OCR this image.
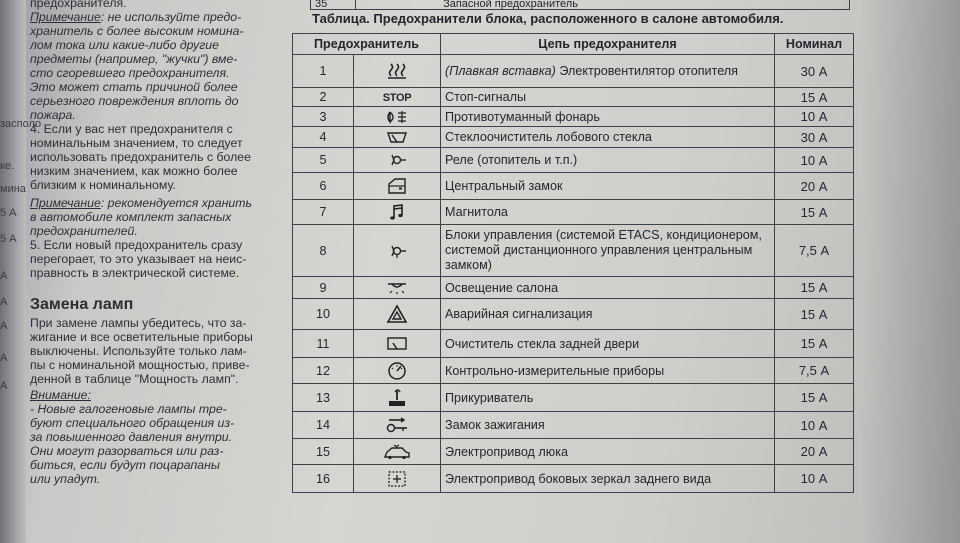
засполо
ке.
мина
5 А
5 А
А
А
А
А
А

предохранителя.

Примечание: не используйте предо-

хранитель с более высоким номина-

лом тока или какие-либо другие

предметы (например, "жучки") вме-

сто сгоревшего предохранителя.

Это может стать причиной более

серьезного повреждения вплоть до

пожара.

4. Если у вас нет предохранителя с

номинальным значением, то следует

использовать предохранитель с более

низким значением, как можно более

близким к номинальному.

Примечание: рекомендуется хранить

в автомобиле комплект запасных

предохранителей.

5. Если новый предохранитель сразу

перегорает, то это указывает на неис-

правность в электрической системе.

Замена ламп

При замене лампы убедитесь, что за-

жигание и все осветительные приборы

выключены. Используйте только лам-

пы с номинальной мощностью, приве-

денной в таблице "Мощность ламп".

Внимание:

- Новые галогеновые лампы тре-

буют специального обращения из-

за повышенного давления внутри.

Они могут разорваться или раз-

биться, если будут поцарапаны

или упадут.

35	Запасной предохранитель
Таблица. Предохранители блока, расположенного в салоне автомобиля.
Предохранитель		Цепь предохранителя	Номинал
1		(Плавкая вставка) Электровентилятор отопителя	30 А
2	STOP	Стоп-сигналы	15 А
3		Противотуманный фонарь	10 А
4		Стеклоочиститель лобового стекла	30 А
5		Реле (отопитель и т.п.)	10 А
6		Центральный замок	20 А
7		Магнитола	15 А
8		Блоки управления (системой ETACS, кондиционером, системой дистанционного управления центральным замком)	7,5 А
9		Освещение салона	15 А
10		Аварийная сигнализация	15 А
11		Очиститель стекла задней двери	15 А
12		Контрольно-измерительные приборы	7,5 А
13		Прикуриватель	15 А
14		Замок зажигания	10 А
15		Электропривод люка	20 А
16		Электропривод боковых зеркал заднего вида	10 А
